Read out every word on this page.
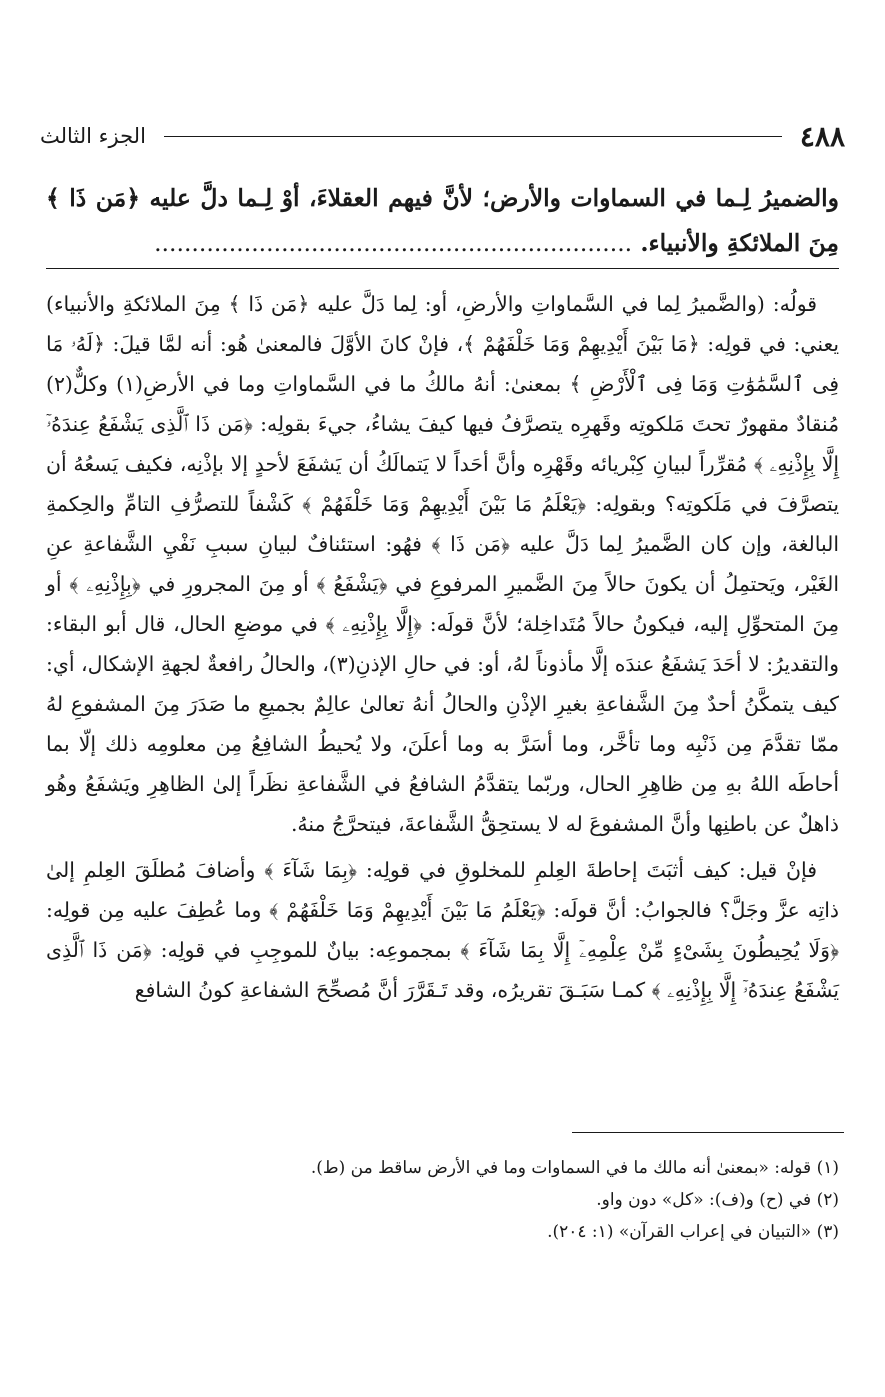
٤٨٨
الجزء الثالث
والضميرُ لِـما في السماوات والأرض؛ لأنَّ فيهم العقلاءَ، أوْ لِـما دلَّ عليه ﴿مَن ذَا ﴾ مِنَ الملائكةِ والأنبياء. ................................................................

قولُه: (والضَّميرُ لِما في السَّماواتِ والأرضِ، أو: لِما دَلَّ عليه ﴿مَن ذَا ﴾ مِنَ الملائكةِ والأنبياء) يعني: في قولِه: ﴿مَا بَيْنَ أَيْدِيهِمْ وَمَا خَلْفَهُمْ ﴾، فإنْ كانَ الأوَّلَ فالمعنىٰ هُو: أنه لمَّا قيلَ: ﴿لَهُۥ مَا فِى ٱلسَّمَٰوَٰتِ وَمَا فِى ٱلْأَرْضِ ﴾ بمعنىٰ: أنهُ مالكُ ما في السَّماواتِ وما في الأرضِ(١) وكلٌّ(٢) مُنقادٌ مقهورٌ تحتَ مَلكوتِه وقَهرِه يتصرَّفُ فيها كيفَ يشاءُ، جيءَ بقولِه: ﴿مَن ذَا ٱلَّذِى يَشْفَعُ عِندَهُۥٓ إِلَّا بِإِذْنِهِۦ ﴾ مُقرِّراً لبيانِ كِبْريائه وقَهْرِه وأنَّ أحَداً لا يَتمالَكُ أن يَشفَعَ لأحدٍ إلا بإذْنِه، فكيف يَسعُهُ أن يتصرَّفَ في مَلَكوتِه؟ وبقولِه: ﴿يَعْلَمُ مَا بَيْنَ أَيْدِيهِمْ وَمَا خَلْفَهُمْ ﴾ كَشْفاً للتصرُّفِ التامِّ والحِكمةِ البالغة، وإن كان الضَّميرُ لِما دَلَّ عليه ﴿مَن ذَا ﴾ فهُو: استئنافٌ لبيانِ سببِ نَفْيِ الشَّفاعةِ عنِ الغَيْر، ويَحتمِلُ أن يكونَ حالاً مِنَ الضَّميرِ المرفوعِ في ﴿يَشْفَعُ ﴾ أو مِنَ المجرورِ في ﴿بِإِذْنِهِۦ ﴾ أو مِنَ المتحوِّلِ إليه، فيكونُ حالاً مُتَداخِلة؛ لأنَّ قولَه: ﴿إِلَّا بِإِذْنِهِۦ ﴾ في موضعِ الحال، قال أبو البقاء: والتقديرُ: لا أحَدَ يَشفَعُ عندَه إلَّا مأذوناً لهُ، أو: في حالِ الإذنِ(٣)، والحالُ رافعةٌ لجهةِ الإشكال، أي: كيف يتمكَّنُ أحدٌ مِنَ الشَّفاعةِ بغيرِ الإذْنِ والحالُ أنهُ تعالىٰ عالِمٌ بجميعِ ما صَدَرَ مِنَ المشفوعِ لهُ ممّا تقدَّمَ مِن ذَنْبِه وما تأخَّر، وما أسَرَّ به وما أعلَنَ، ولا يُحيطُ الشافِعُ مِن معلومِه ذلك إلّا بما أحاطَه اللهُ بهِ مِن ظاهِرِ الحال، وربّما يتقدَّمُ الشافعُ في الشَّفاعةِ نظَراً إلىٰ الظاهِرِ ويَشفَعُ وهُو ذاهلٌ عن باطنِها وأنَّ المشفوعَ له لا يستحِقُّ الشَّفاعةَ، فيتحرَّجُ منهُ.

فإنْ قيل: كيف أثبَتَ إحاطةَ العِلمِ للمخلوقِ في قولِه: ﴿بِمَا شَآءَ ﴾ وأضافَ مُطلَقَ العِلمِ إلىٰ ذاتِه عزَّ وجَلَّ؟ فالجوابُ: أنَّ قولَه: ﴿يَعْلَمُ مَا بَيْنَ أَيْدِيهِمْ وَمَا خَلْفَهُمْ ﴾ وما عُطِفَ عليه مِن قولِه: ﴿وَلَا يُحِيطُونَ بِشَىْءٍ مِّنْ عِلْمِهِۦٓ إِلَّا بِمَا شَآءَ ﴾ بمجموعِه: بيانٌ للموجِبِ في قولِه: ﴿مَن ذَا ٱلَّذِى يَشْفَعُ عِندَهُۥٓ إِلَّا بِإِذْنِهِۦ ﴾ كمـا سَبَـقَ تقريرُه، وقد تَـقَرَّرَ أنَّ مُصحِّحَ الشفاعةِ كونُ الشافع

(١) قوله: «بمعنىٰ أنه مالك ما في السماوات وما في الأرض ساقط من (ط).
(٢) في (ح) و(ف): «كل» دون واو.
(٣) «التبيان في إعراب القرآن» (١: ٢٠٤).
